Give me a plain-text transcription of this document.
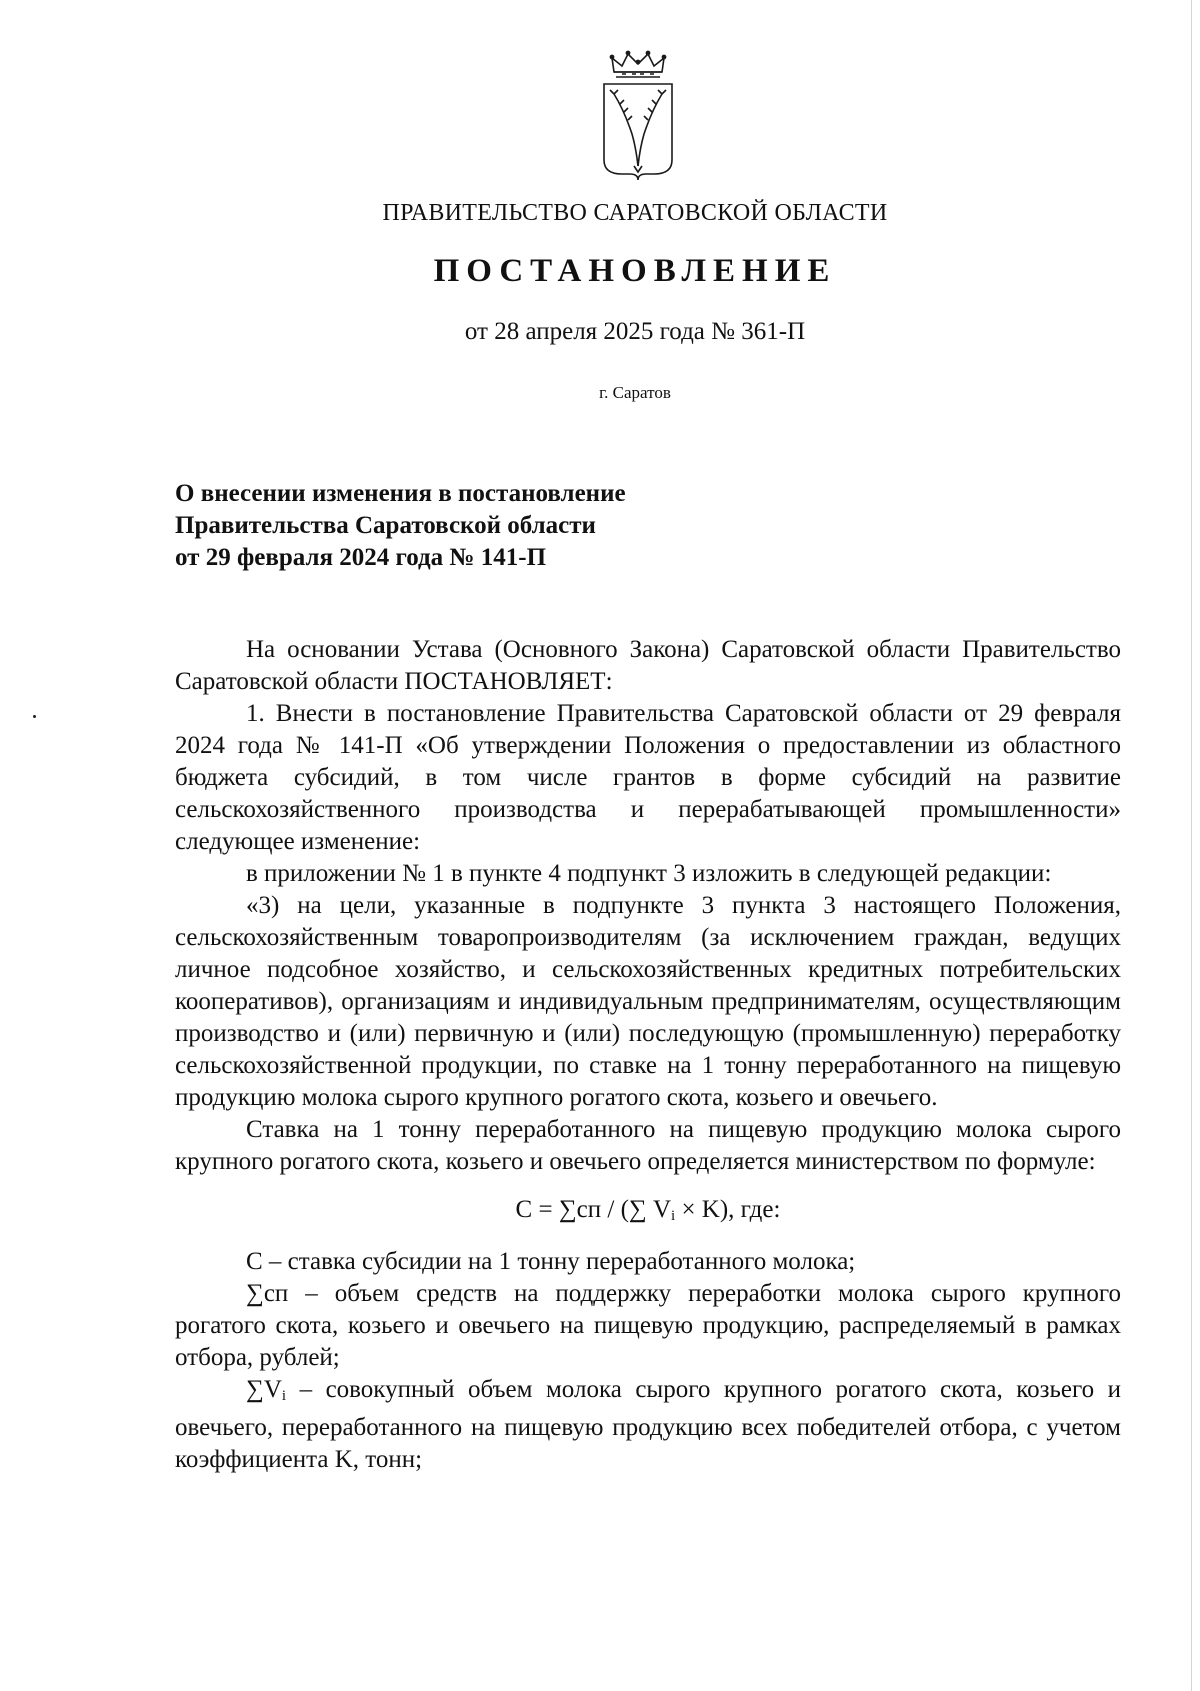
ПРАВИТЕЛЬСТВО САРАТОВСКОЙ ОБЛАСТИ
ПОСТАНОВЛЕНИЕ
от 28 апреля 2025 года № 361-П
г. Саратов
О внесении изменения в постановление
Правительства Саратовской области
от 29 февраля 2024 года № 141-П

На основании Устава (Основного Закона) Саратовской области Правительство Саратовской области ПОСТАНОВЛЯЕТ:

1. Внести в постановление Правительства Саратовской области от 29 февраля 2024 года № 141-П «Об утверждении Положения о предоставлении из областного бюджета субсидий, в том числе грантов в форме субсидий на развитие сельскохозяйственного производства и перерабатывающей промышленности» следующее изменение:

в приложении № 1 в пункте 4 подпункт 3 изложить в следующей редакции:

«3) на цели, указанные в подпункте 3 пункта 3 настоящего Положения, сельскохозяйственным товаропроизводителям (за исключением граждан, ведущих личное подсобное хозяйство, и сельскохозяйственных кредитных потребительских кооперативов), организациям и индивидуальным предпринимателям, осуществляющим производство и (или) первичную и (или) последующую (промышленную) переработку сельскохозяйственной продукции, по ставке на 1 тонну переработанного на пищевую продукцию молока сырого крупного рогатого скота, козьего и овечьего.

Ставка на 1 тонну переработанного на пищевую продукцию молока сырого крупного рогатого скота, козьего и овечьего определяется министерством по формуле:

С = ∑сп / (∑ $V_i \times K$), где:

С – ставка субсидии на 1 тонну переработанного молока;

∑сп – объем средств на поддержку переработки молока сырого крупного рогатого скота, козьего и овечьего на пищевую продукцию, распределяемый в рамках отбора, рублей;

$\sum V_i$ – совокупный объем молока сырого крупного рогатого скота, козьего и овечьего, переработанного на пищевую продукцию всех победителей отбора, с учетом коэффициента K, тонн;
